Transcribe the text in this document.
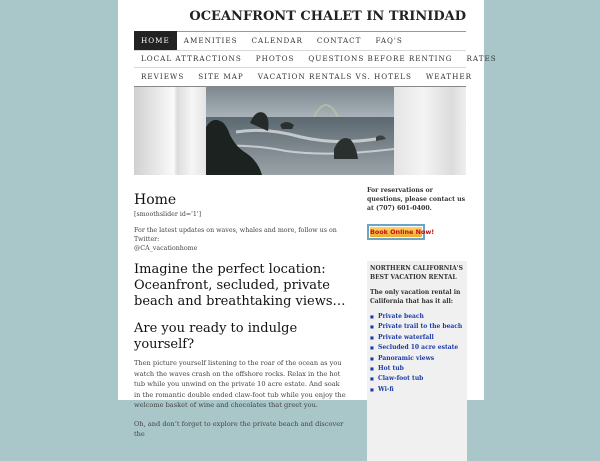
OCEANFRONT CHALET IN TRINIDAD
HOME	AMENITIES	CALENDAR	CONTACT	FAQ'S
LOCAL ATTRACTIONS	PHOTOS	QUESTIONS BEFORE RENTING	RATES
REVIEWS	SITE MAP	VACATION RENTALS VS. HOTELS	WEATHER
Home
[smoothslider id='1']
For the latest updates on waves, whales and more, follow us on Twitter:
@CA_vacationhome
Imagine the perfect location: Oceanfront, secluded, private beach and breathtaking views…
Are you ready to indulge yourself?

Then picture yourself listening to the roar of the ocean as you watch the waves crash on the offshore rocks. Relax in the hot tub while you unwind on the private 10 acre estate. And soak in the romantic double ended claw-foot tub while you enjoy the welcome basket of wine and chocolates that greet you.

Oh, and don’t forget to explore the private beach and discover the

For reservations or questions, please contact us at (707) 601-0400.
Book Online Now!
NORTHERN CALIFORNIA'S BEST VACATION RENTAL
The only vacation rental in California that has it all:
■ Private beach
■ Private trail to the beach
■ Private waterfall
■ Secluded 10 acre estate
■ Panoramic views
■ Hot tub
■ Claw-foot tub
■ Wi-fi
